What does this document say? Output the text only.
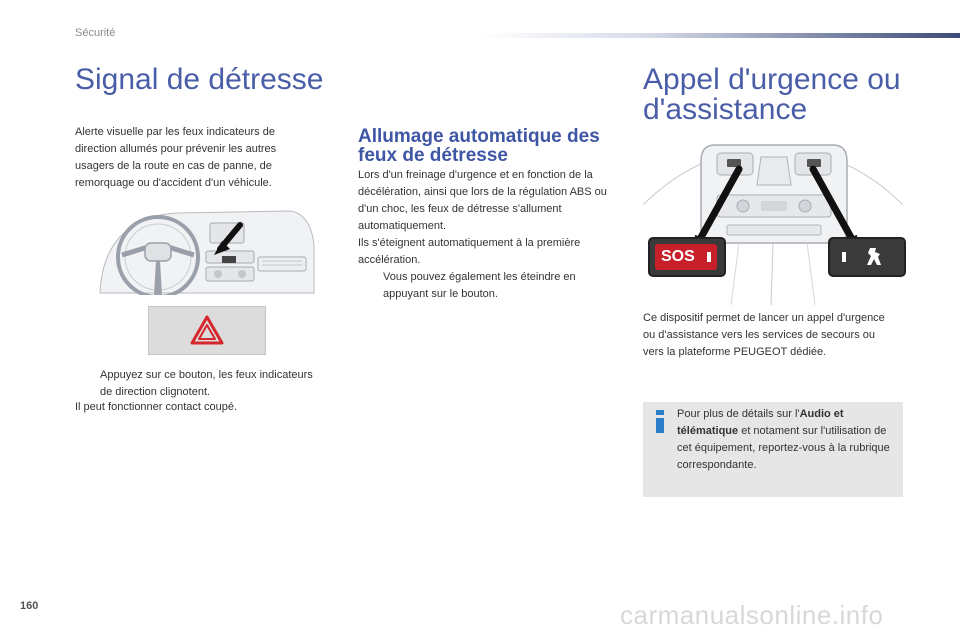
Sécurité
Signal de détresse
Allumage automatique des feux de détresse
Appel d'urgence ou d'assistance

Alerte visuelle par les feux indicateurs de direction allumés pour prévenir les autres usagers de la route en cas de panne, de remorquage ou d'accident d'un véhicule.

Appuyez sur ce bouton, les feux indicateurs de direction clignotent.

Il peut fonctionner contact coupé.

Lors d'un freinage d'urgence et en fonction de la décélération, ainsi que lors de la régulation ABS ou d'un choc, les feux de détresse s'allument automatiquement.

Ils s'éteignent automatiquement à la première accélération.

Vous pouvez également les éteindre en appuyant sur le bouton.
SOS

Ce dispositif permet de lancer un appel d'urgence ou d'assistance vers les services de secours ou vers la plateforme PEUGEOT dédiée.

Pour plus de détails sur l'Audio et télématique et notament sur l'utilisation de cet équipement, reportez-vous à la rubrique correspondante.
160	carmanualsonline.info
